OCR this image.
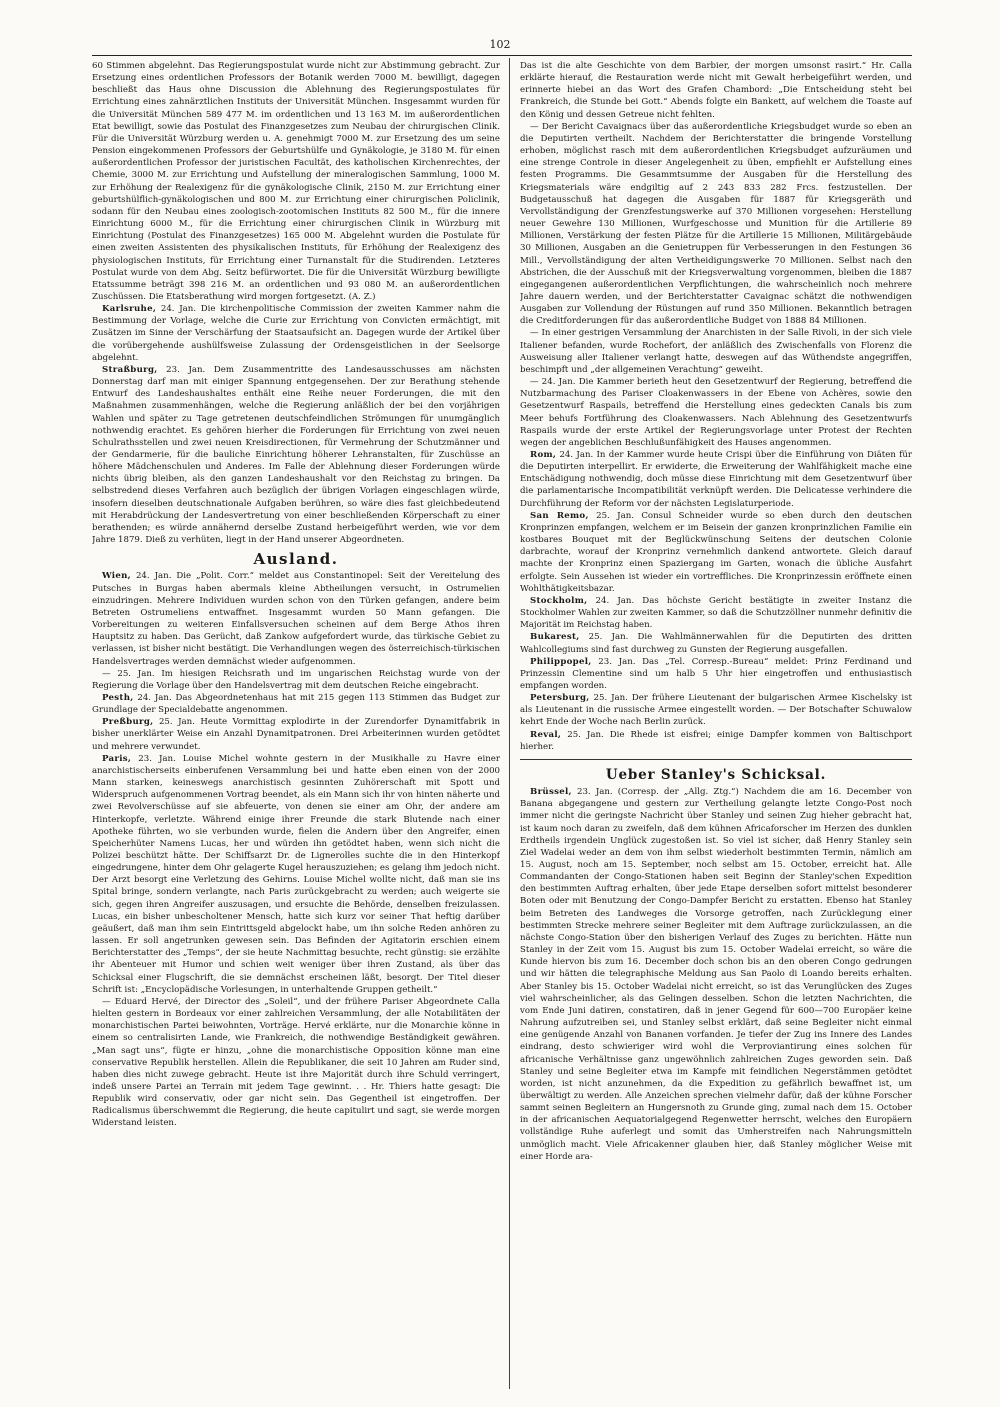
102

60 Stimmen abgelehnt. Das Regierungspostulat wurde nicht zur Abstimmung gebracht. Zur Ersetzung eines ordentlichen Professors der Botanik werden 7000 M. bewilligt, dagegen beschließt das Haus ohne Discussion die Ablehnung des Regierungspostulates für Errichtung eines zahnärztlichen Instituts der Universität München. Insgesammt wurden für die Universität München 589 477 M. im ordentlichen und 13 163 M. im außerordentlichen Etat bewilligt, sowie das Postulat des Finanzgesetzes zum Neubau der chirurgischen Clinik. Für die Universität Würzburg werden u. A. genehmigt 7000 M. zur Ersetzung des um seine Pension eingekommenen Professors der Geburtshülfe und Gynäkologie, je 3180 M. für einen außerordentlichen Professor der juristischen Facultät, des katholischen Kirchenrechtes, der Chemie, 3000 M. zur Errichtung und Aufstellung der mineralogischen Sammlung, 1000 M. zur Erhöhung der Realexigenz für die gynäkologische Clinik, 2150 M. zur Errichtung einer geburtshülflich-gynäkologischen und 800 M. zur Errichtung einer chirurgischen Policlinik, sodann für den Neubau eines zoologisch-zootomischen Instituts 82 500 M., für die innere Einrichtung 6000 M., für die Errichtung einer chirurgischen Clinik in Würzburg mit Einrichtung (Postulat des Finanzgesetzes) 165 000 M. Abgelehnt wurden die Postulate für einen zweiten Assistenten des physikalischen Instituts, für Erhöhung der Realexigenz des physiologischen Instituts, für Errichtung einer Turnanstalt für die Studirenden. Letzteres Postulat wurde von dem Abg. Seitz befürwortet. Die für die Universität Würzburg bewilligte Etatssumme beträgt 398 216 M. an ordentlichen und 93 080 M. an außerordentlichen Zuschüssen. Die Etatsberathung wird morgen fortgesetzt. (A. Z.)

Karlsruhe, 24. Jan. Die kirchenpolitische Commission der zweiten Kammer nahm die Bestimmung der Vorlage, welche die Curie zur Errichtung von Convicten ermächtigt, mit Zusätzen im Sinne der Verschärfung der Staatsaufsicht an. Dagegen wurde der Artikel über die vorübergehende aushülfsweise Zulassung der Ordensgeistlichen in der Seelsorge abgelehnt.

Straßburg, 23. Jan. Dem Zusammentritte des Landesausschusses am nächsten Donnerstag darf man mit einiger Spannung entgegensehen. Der zur Berathung stehende Entwurf des Landeshaushaltes enthält eine Reihe neuer Forderungen, die mit den Maßnahmen zusammenhängen, welche die Regierung anläßlich der bei den vorjährigen Wahlen und später zu Tage getretenen deutschfeindlichen Strömungen für unumgänglich nothwendig erachtet. Es gehören hierher die Forderungen für Errichtung von zwei neuen Schulrathsstellen und zwei neuen Kreisdirectionen, für Vermehrung der Schutzmänner und der Gendarmerie, für die bauliche Einrichtung höherer Lehranstalten, für Zuschüsse an höhere Mädchenschulen und Anderes. Im Falle der Ablehnung dieser Forderungen würde nichts übrig bleiben, als den ganzen Landeshaushalt vor den Reichstag zu bringen. Da selbstredend dieses Verfahren auch bezüglich der übrigen Vorlagen eingeschlagen würde, insofern dieselben deutschnationale Aufgaben berühren, so wäre dies fast gleichbedeutend mit Herabdrückung der Landesvertretung von einer beschließenden Körperschaft zu einer berathenden; es würde annähernd derselbe Zustand herbeigeführt werden, wie vor dem Jahre 1879. Dieß zu verhüten, liegt in der Hand unserer Abgeordneten.

Ausland.

Wien, 24. Jan. Die „Polit. Corr.“ meldet aus Constantinopel: Seit der Vereitelung des Putsches in Burgas haben abermals kleine Abtheilungen versucht, in Ostrumelien einzudringen. Mehrere Individuen wurden schon von den Türken gefangen, andere beim Betreten Ostrumeliens entwaffnet. Insgesammt wurden 50 Mann gefangen. Die Vorbereitungen zu weiteren Einfallsversuchen scheinen auf dem Berge Athos ihren Hauptsitz zu haben. Das Gerücht, daß Zankow aufgefordert wurde, das türkische Gebiet zu verlassen, ist bisher nicht bestätigt. Die Verhandlungen wegen des österreichisch-türkischen Handelsvertrages werden demnächst wieder aufgenommen.

— 25. Jan. Im hiesigen Reichsrath und im ungarischen Reichstag wurde von der Regierung die Vorlage über den Handelsvertrag mit dem deutschen Reiche eingebracht.

Pesth, 24. Jan. Das Abgeordnetenhaus hat mit 215 gegen 113 Stimmen das Budget zur Grundlage der Specialdebatte angenommen.

Preßburg, 25. Jan. Heute Vormittag explodirte in der Zurendorfer Dynamitfabrik in bisher unerklärter Weise ein Anzahl Dynamitpatronen. Drei Arbeiterinnen wurden getödtet und mehrere verwundet.

Paris, 23. Jan. Louise Michel wohnte gestern in der Musikhalle zu Havre einer anarchistischerseits einberufenen Versammlung bei und hatte eben einen von der 2000 Mann starken, keineswegs anarchistisch gesinnten Zuhörerschaft mit Spott und Widerspruch aufgenommenen Vortrag beendet, als ein Mann sich ihr von hinten näherte und zwei Revolverschüsse auf sie abfeuerte, von denen sie einer am Ohr, der andere am Hinterkopfe, verletzte. Während einige ihrer Freunde die stark Blutende nach einer Apotheke führten, wo sie verbunden wurde, fielen die Andern über den Angreifer, einen Speicherhüter Namens Lucas, her und würden ihn getödtet haben, wenn sich nicht die Polizei beschützt hätte. Der Schiffsarzt Dr. de Lignerolles suchte die in den Hinterkopf eingedrungene, hinter dem Ohr gelagerte Kugel herauszuziehen; es gelang ihm jedoch nicht. Der Arzt besorgt eine Verletzung des Gehirns. Louise Michel wollte nicht, daß man sie ins Spital bringe, sondern verlangte, nach Paris zurückgebracht zu werden; auch weigerte sie sich, gegen ihren Angreifer auszusagen, und ersuchte die Behörde, denselben freizulassen. Lucas, ein bisher unbescholtener Mensch, hatte sich kurz vor seiner That heftig darüber geäußert, daß man ihm sein Eintrittsgeld abgelockt habe, um ihn solche Reden anhören zu lassen. Er soll angetrunken gewesen sein. Das Befinden der Agitatorin erschien einem Berichterstatter des „Temps“, der sie heute Nachmittag besuchte, recht günstig: sie erzählte ihr Abenteuer mit Humor und schien weit weniger über ihren Zustand, als über das Schicksal einer Flugschrift, die sie demnächst erscheinen läßt, besorgt. Der Titel dieser Schrift ist: „Encyclopädische Vorlesungen, in unterhaltende Gruppen getheilt.“

— Eduard Hervé, der Director des „Soleil“, und der frühere Pariser Abgeordnete Calla hielten gestern in Bordeaux vor einer zahlreichen Versammlung, der alle Notabilitäten der monarchistischen Partei beiwohnten, Vorträge. Hervé erklärte, nur die Monarchie könne in einem so centralisirten Lande, wie Frankreich, die nothwendige Beständigkeit gewähren. „Man sagt uns“, fügte er hinzu, „ohne die monarchistische Opposition könne man eine conservative Republik herstellen. Allein die Republikaner, die seit 10 Jahren am Ruder sind, haben dies nicht zuwege gebracht. Heute ist ihre Majorität durch ihre Schuld verringert, indeß unsere Partei an Terrain mit jedem Tage gewinnt. . . Hr. Thiers hatte gesagt: Die Republik wird conservativ, oder gar nicht sein. Das Gegentheil ist eingetroffen. Der Radicalismus überschwemmt die Regierung, die heute capitulirt und sagt, sie werde morgen Widerstand leisten.

Das ist die alte Geschichte von dem Barbier, der morgen umsonst rasirt.“ Hr. Calla erklärte hierauf, die Restauration werde nicht mit Gewalt herbeigeführt werden, und erinnerte hiebei an das Wort des Grafen Chambord: „Die Entscheidung steht bei Frankreich, die Stunde bei Gott.“ Abends folgte ein Bankett, auf welchem die Toaste auf den König und dessen Getreue nicht fehlten.

— Der Bericht Cavaignacs über das außerordentliche Kriegsbudget wurde so eben an die Deputirten vertheilt. Nachdem der Berichterstatter die bringende Vorstellung erhoben, möglichst rasch mit dem außerordentlichen Kriegsbudget aufzuräumen und eine strenge Controle in dieser Angelegenheit zu üben, empfiehlt er Aufstellung eines festen Programms. Die Gesammtsumme der Ausgaben für die Herstellung des Kriegsmaterials wäre endgiltig auf 2 243 833 282 Frcs. festzustellen. Der Budgetausschuß hat dagegen die Ausgaben für 1887 für Kriegsgeräth und Vervollständigung der Grenzfestungswerke auf 370 Millionen vorgesehen: Herstellung neuer Gewehre 130 Millionen, Wurfgeschosse und Munition für die Artillerie 89 Millionen, Verstärkung der festen Plätze für die Artillerie 15 Millionen, Militärgebäude 30 Millionen, Ausgaben an die Genietruppen für Verbesserungen in den Festungen 36 Mill., Vervollständigung der alten Vertheidigungswerke 70 Millionen. Selbst nach den Abstrichen, die der Ausschuß mit der Kriegsverwaltung vorgenommen, bleiben die 1887 eingegangenen außerordentlichen Verpflichtungen, die wahrscheinlich noch mehrere Jahre dauern werden, und der Berichterstatter Cavaignac schätzt die nothwendigen Ausgaben zur Vollendung der Rüstungen auf rund 350 Millionen. Bekanntlich betragen die Creditforderungen für das außerordentliche Budget von 1888 84 Millionen.

— In einer gestrigen Versammlung der Anarchisten in der Salle Rivoli, in der sich viele Italiener befanden, wurde Rochefort, der anläßlich des Zwischenfalls von Florenz die Ausweisung aller Italiener verlangt hatte, deswegen auf das Wüthendste angegriffen, beschimpft und „der allgemeinen Verachtung“ geweiht.

— 24. Jan. Die Kammer berieth heut den Gesetzentwurf der Regierung, betreffend die Nutzbarmachung des Pariser Cloakenwassers in der Ebene von Achères, sowie den Gesetzentwurf Raspails, betreffend die Herstellung eines gedeckten Canals bis zum Meer behufs Fortführung des Cloakenwassers. Nach Ablehnung des Gesetzentwurfs Raspails wurde der erste Artikel der Regierungsvorlage unter Protest der Rechten wegen der angeblichen Beschlußunfähigkeit des Hauses angenommen.

Rom, 24. Jan. In der Kammer wurde heute Crispi über die Einführung von Diäten für die Deputirten interpellirt. Er erwiderte, die Erweiterung der Wahlfähigkeit mache eine Entschädigung nothwendig, doch müsse diese Einrichtung mit dem Gesetzentwurf über die parlamentarische Incompatibilität verknüpft werden. Die Delicatesse verhindere die Durchführung der Reform vor der nächsten Legislaturperiode.

San Remo, 25. Jan. Consul Schneider wurde so eben durch den deutschen Kronprinzen empfangen, welchem er im Beisein der ganzen kronprinzlichen Familie ein kostbares Bouquet mit der Beglückwünschung Seitens der deutschen Colonie darbrachte, worauf der Kronprinz vernehmlich dankend antwortete. Gleich darauf machte der Kronprinz einen Spaziergang im Garten, wonach die übliche Ausfahrt erfolgte. Sein Aussehen ist wieder ein vortreffliches. Die Kronprinzessin eröffnete einen Wohlthätigkeitsbazar.

Stockholm, 24. Jan. Das höchste Gericht bestätigte in zweiter Instanz die Stockholmer Wahlen zur zweiten Kammer, so daß die Schutzzöllner nunmehr definitiv die Majorität im Reichstag haben.

Bukarest, 25. Jan. Die Wahlmännerwahlen für die Deputirten des dritten Wahlcollegiums sind fast durchweg zu Gunsten der Regierung ausgefallen.

Philippopel, 23. Jan. Das „Tel. Corresp.-Bureau“ meldet: Prinz Ferdinand und Prinzessin Clementine sind um halb 5 Uhr hier eingetroffen und enthusiastisch empfangen worden.

Petersburg, 25. Jan. Der frühere Lieutenant der bulgarischen Armee Kischelsky ist als Lieutenant in die russische Armee eingestellt worden. — Der Botschafter Schuwalow kehrt Ende der Woche nach Berlin zurück.

Reval, 25. Jan. Die Rhede ist eisfrei; einige Dampfer kommen von Baltischport hierher.

Ueber Stanley's Schicksal.

Brüssel, 23. Jan. (Corresp. der „Allg. Ztg.“) Nachdem die am 16. December von Banana abgegangene und gestern zur Vertheilung gelangte letzte Congo-Post noch immer nicht die geringste Nachricht über Stanley und seinen Zug hieher gebracht hat, ist kaum noch daran zu zweifeln, daß dem kühnen Africaforscher im Herzen des dunklen Erdtheils irgendein Unglück zugestoßen ist. So viel ist sicher, daß Henry Stanley sein Ziel Wadelai weder an dem von ihm selbst wiederholt bestimmten Termin, nämlich am 15. August, noch am 15. September, noch selbst am 15. October, erreicht hat. Alle Commandanten der Congo-Stationen haben seit Beginn der Stanley'schen Expedition den bestimmten Auftrag erhalten, über jede Etape derselben sofort mittelst besonderer Boten oder mit Benutzung der Congo-Dampfer Bericht zu erstatten. Ebenso hat Stanley beim Betreten des Landweges die Vorsorge getroffen, nach Zurücklegung einer bestimmten Strecke mehrere seiner Begleiter mit dem Auftrage zurückzulassen, an die nächste Congo-Station über den bisherigen Verlauf des Zuges zu berichten. Hätte nun Stanley in der Zeit vom 15. August bis zum 15. October Wadelai erreicht, so wäre die Kunde hiervon bis zum 16. December doch schon bis an den oberen Congo gedrungen und wir hätten die telegraphische Meldung aus San Paolo di Loando bereits erhalten. Aber Stanley bis 15. October Wadelai nicht erreicht, so ist das Verunglücken des Zuges viel wahrscheinlicher, als das Gelingen desselben. Schon die letzten Nachrichten, die vom Ende Juni datiren, constatiren, daß in jener Gegend für 600—700 Europäer keine Nahrung aufzutreiben sei, und Stanley selbst erklärt, daß seine Begleiter nicht einmal eine genügende Anzahl von Bananen vorfanden. Je tiefer der Zug ins Innere des Landes eindrang, desto schwieriger wird wohl die Verproviantirung eines solchen für africanische Verhältnisse ganz ungewöhnlich zahlreichen Zuges geworden sein. Daß Stanley und seine Begleiter etwa im Kampfe mit feindlichen Negerstämmen getödtet worden, ist nicht anzunehmen, da die Expedition zu gefährlich bewaffnet ist, um überwältigt zu werden. Alle Anzeichen sprechen vielmehr dafür, daß der kühne Forscher sammt seinen Begleitern an Hungersnoth zu Grunde ging, zumal nach dem 15. October in der africanischen Aequatorialgegend Regenwetter herrscht, welches den Europäern vollständige Ruhe auferlegt und somit das Umherstreifen nach Nahrungsmitteln unmöglich macht. Viele Africakenner glauben hier, daß Stanley möglicher Weise mit einer Horde ara-
